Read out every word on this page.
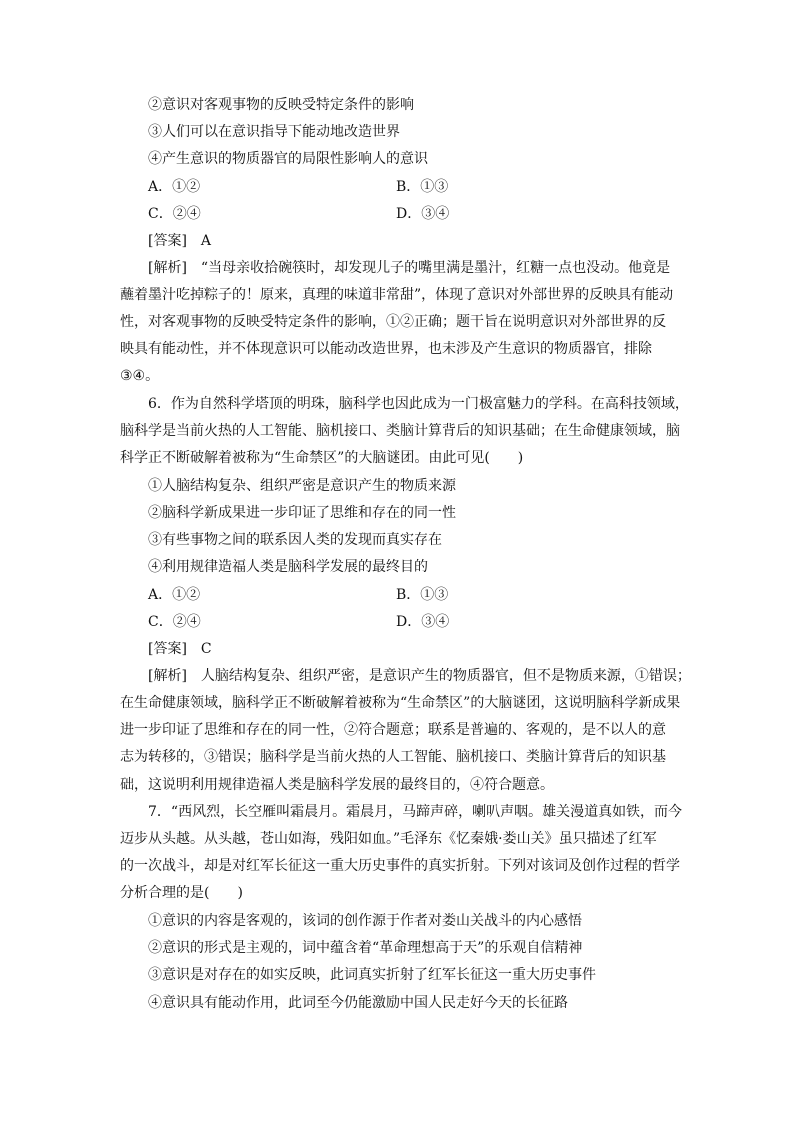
②意识对客观事物的反映受特定条件的影响
③人们可以在意识指导下能动地改造世界
④产生意识的物质器官的局限性影响人的意识
A．①②	B．①③
C．②④	D．③④
[答案]　A
[解析]　“当母亲收拾碗筷时，却发现儿子的嘴里满是墨汁，红糖一点也没动。他竟是
蘸着墨汁吃掉粽子的！原来，真理的味道非常甜”，体现了意识对外部世界的反映具有能动
性，对客观事物的反映受特定条件的影响，①②正确；题干旨在说明意识对外部世界的反
映具有能动性，并不体现意识可以能动改造世界，也未涉及产生意识的物质器官，排除
③④。
6．作为自然科学塔顶的明珠，脑科学也因此成为一门极富魅力的学科。在高科技领域，
脑科学是当前火热的人工智能、脑机接口、类脑计算背后的知识基础；在生命健康领域，脑
科学正不断破解着被称为“生命禁区”的大脑谜团。由此可见(　　)
①人脑结构复杂、组织严密是意识产生的物质来源
②脑科学新成果进一步印证了思维和存在的同一性
③有些事物之间的联系因人类的发现而真实存在
④利用规律造福人类是脑科学发展的最终目的
A．①②	B．①③
C．②④	D．③④
[答案]　C
[解析]　人脑结构复杂、组织严密，是意识产生的物质器官，但不是物质来源，①错误；
在生命健康领域，脑科学正不断破解着被称为“生命禁区”的大脑谜团，这说明脑科学新成果
进一步印证了思维和存在的同一性，②符合题意；联系是普遍的、客观的，是不以人的意
志为转移的，③错误；脑科学是当前火热的人工智能、脑机接口、类脑计算背后的知识基
础，这说明利用规律造福人类是脑科学发展的最终目的，④符合题意。
7．“西风烈，长空雁叫霜晨月。霜晨月，马蹄声碎，喇叭声咽。雄关漫道真如铁，而今
迈步从头越。从头越，苍山如海，残阳如血。”毛泽东《忆秦娥·娄山关》虽只描述了红军
的一次战斗，却是对红军长征这一重大历史事件的真实折射。下列对该词及创作过程的哲学
分析合理的是(　　)
①意识的内容是客观的，该词的创作源于作者对娄山关战斗的内心感悟
②意识的形式是主观的，词中蕴含着“革命理想高于天”的乐观自信精神
③意识是对存在的如实反映，此词真实折射了红军长征这一重大历史事件
④意识具有能动作用，此词至今仍能激励中国人民走好今天的长征路
